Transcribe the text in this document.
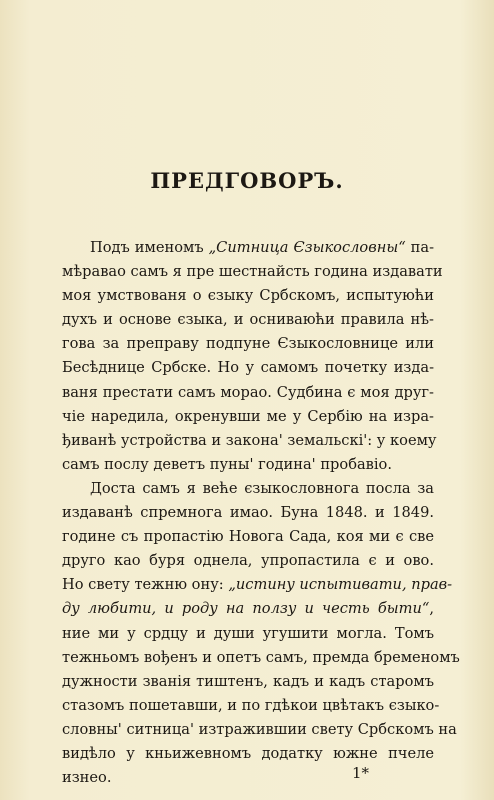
ПРЕДГОВОРЪ.
Подъ именомъ „Ситница Єзыкословны“ па-
мѣравао самъ я пре шестнайсть година издавати
моя умствованя о єзыку Србскомъ, испытуюћи
духъ и основе єзыка, и осниваюћи правила нѣ-
гова за преправу подпуне Єзыкословнице или
Бесѣднице Србске. Но у самомъ почетку изда-
ваня престати самъ морао. Судбина є моя друг-
чіе наредила, окренувши ме у Сербію на изра-
ђиванѣ устройства и закона' земальскі': у коему
самъ послу деветъ пуны' година' пробавіо.
Доста самъ я веће єзыкословнога посла за
издаванѣ спремнога имао. Буна 1848. и 1849.
године съ пропастію Новога Сада, коя ми є све
друго као буря однела, упропастила є и ово.
Но свету тежню ону: „истину испытивати, прав-
ду любити, и роду на ползу и честь быти“,
ние ми у срдцу и души угушити могла. Томъ
тежньомъ вођенъ и опетъ самъ, премда бременомъ
дужности званія тиштенъ, кадъ и кадъ старомъ
стазомъ пошетавши, и по гдѣкои цвѣтакъ єзыко-
словны' ситница' изтражившии свету Србскомъ на
видѣло у кньижевномъ додатку южне пчеле
изнео.	1*
